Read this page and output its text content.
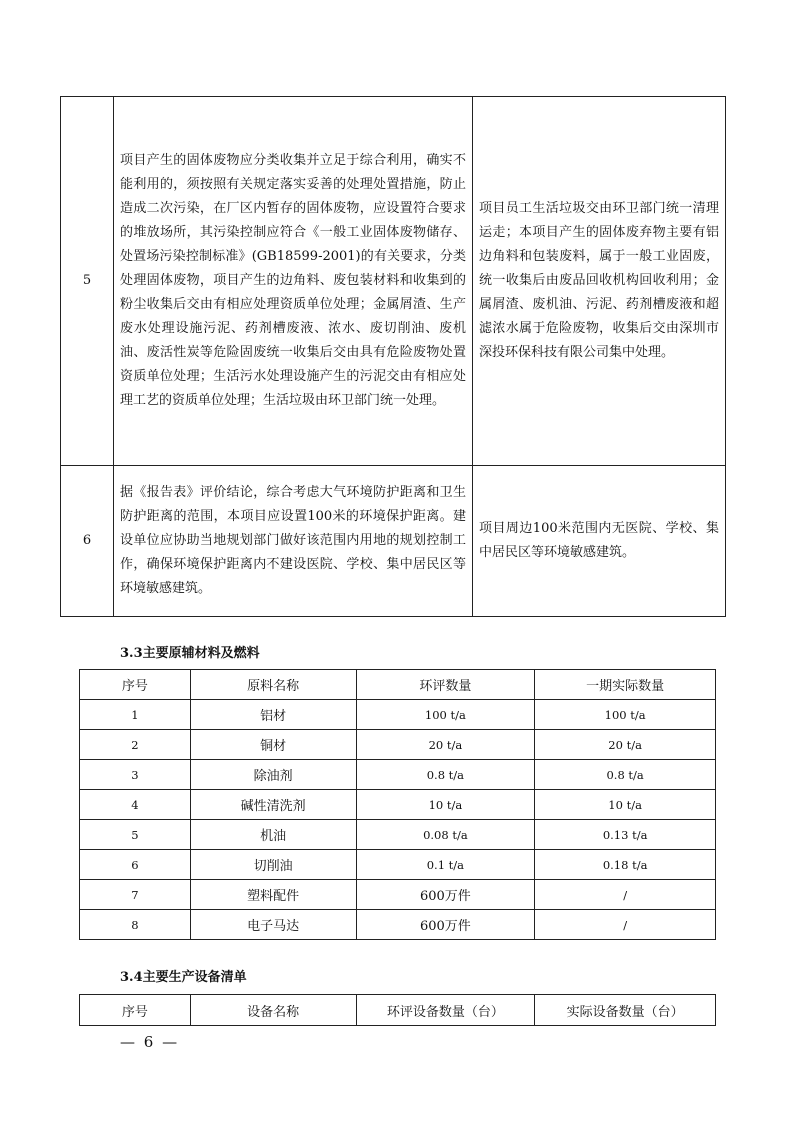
5	项目产生的固体废物应分类收集并立足于综合利用，确实不能利用的，须按照有关规定落实妥善的处理处置措施，防止造成二次污染，在厂区内暂存的固体废物，应设置符合要求的堆放场所，其污染控制应符合《一般工业固体废物储存、处置场污染控制标准》(GB18599-2001)的有关要求，分类处理固体废物，项目产生的边角料、废包装材料和收集到的粉尘收集后交由有相应处理资质单位处理；金属屑渣、生产废水处理设施污泥、药剂槽废液、浓水、废切削油、废机油、废活性炭等危险固废统一收集后交由具有危险废物处置资质单位处理；生活污水处理设施产生的污泥交由有相应处理工艺的资质单位处理；生活垃圾由环卫部门统一处理。	项目员工生活垃圾交由环卫部门统一清理运走；本项目产生的固体废弃物主要有铝边角料和包装废料，属于一般工业固废，统一收集后由废品回收机构回收利用；金属屑渣、废机油、污泥、药剂槽废液和超滤浓水属于危险废物，收集后交由深圳市深投环保科技有限公司集中处理。
6	据《报告表》评价结论，综合考虑大气环境防护距离和卫生防护距离的范围，本项目应设置100米的环境保护距离。建设单位应协助当地规划部门做好该范围内用地的规划控制工作，确保环境保护距离内不建设医院、学校、集中居民区等环境敏感建筑。	项目周边100米范围内无医院、学校、集中居民区等环境敏感建筑。
3.3主要原辅材料及燃料
序号	原料名称	环评数量	一期实际数量
1	铝材	100 t/a	100 t/a
2	铜材	20 t/a	20 t/a
3	除油剂	0.8 t/a	0.8 t/a
4	碱性清洗剂	10 t/a	10 t/a
5	机油	0.08 t/a	0.13 t/a
6	切削油	0.1 t/a	0.18 t/a
7	塑料配件	600万件	/
8	电子马达	600万件	/
3.4主要生产设备清单
序号	设备名称	环评设备数量（台）	实际设备数量（台）
— 6 —
